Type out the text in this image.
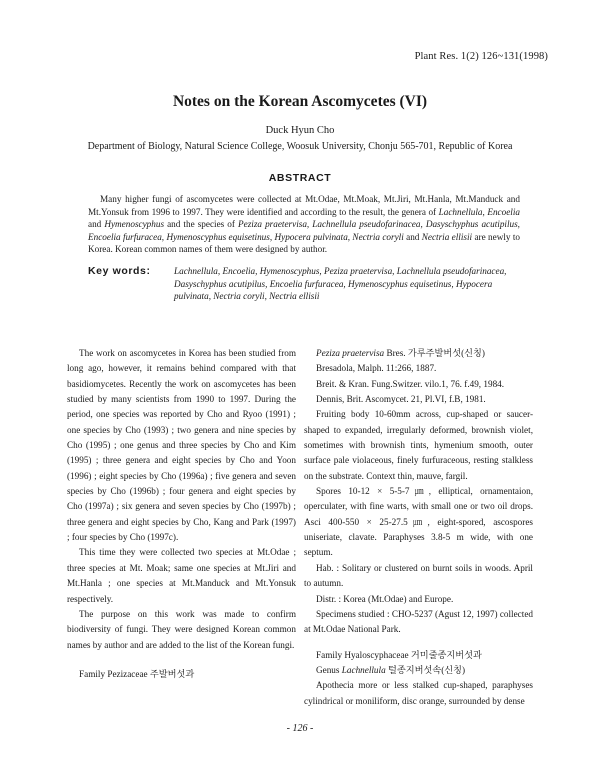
Plant Res. 1(2) 126~131(1998)
Notes on the Korean Ascomycetes (VI)
Duck Hyun Cho
Department of Biology, Natural Science College, Woosuk University, Chonju 565-701, Republic of Korea
ABSTRACT

Many higher fungi of ascomycetes were collected at Mt.Odae, Mt.Moak, Mt.Jiri, Mt.Hanla, Mt.Manduck and Mt.Yonsuk from 1996 to 1997. They were identified and according to the result, the genera of Lachnellula, Encoelia and Hymenoscyphus and the species of Peziza praetervisa, Lachnellula pseudofarinacea, Dasyschyphus acutipilus, Encoelia furfuracea, Hymenoscyphus equisetinus, Hypocera pulvinata, Nectria coryli and Nectria ellisii are newly to Korea. Korean common names of them were designed by author.

Key words:	Lachnellula, Encoelia, Hymenoscyphus, Peziza praetervisa, Lachnellula pseudofarinacea, Dasyschyphus acutipilus, Encoelia furfuracea, Hymenoscyphus equisetinus, Hypocera pulvinata, Nectria coryli, Nectria ellisii

The work on ascomycetes in Korea has been studied from long ago, however, it remains behind compared with that basidiomycetes. Recently the work on ascomycetes has been studied by many scientists from 1990 to 1997. During the period, one species was reported by Cho and Ryoo (1991) ; one species by Cho (1993) ; two genera and nine species by Cho (1995) ; one genus and three species by Cho and Kim (1995) ; three genera and eight species by Cho and Yoon (1996) ; eight species by Cho (1996a) ; five genera and seven species by Cho (1996b) ; four genera and eight species by Cho (1997a) ; six genera and seven species by Cho (1997b) ; three genera and eight species by Cho, Kang and Park (1997) ; four species by Cho (1997c).

This time they were collected two species at Mt.Odae ; three species at Mt. Moak; same one species at Mt.Jiri and Mt.Hanla ; one species at Mt.Manduck and Mt.Yonsuk respectively.

The purpose on this work was made to confirm biodiversity of fungi. They were designed Korean common names by author and are added to the list of the Korean fungi.

Family Pezizaceae 주발버섯과

Peziza praetervisa Bres. 가루주발버섯(신칭)

Bresadola, Malph. 11:266, 1887.

Breit. & Kran. Fung.Switzer. vilo.1, 76. f.49, 1984.

Dennis, Brit. Ascomycet. 21, Pl.VI, f.B, 1981.

Fruiting body 10-60mm across, cup-shaped or saucer-shaped to expanded, irregularly deformed, brownish violet, sometimes with brownish tints, hymenium smooth, outer surface pale violaceous, finely furfuraceous, resting stalkless on the substrate. Context thin, mauve, fargil.

Spores 10-12 × 5-5-7㎛, elliptical, ornamentaion, operculater, with fine warts, with small one or two oil drops. Asci 400-550 × 25-27.5㎛, eight-spored, ascospores uniseriate, clavate. Paraphyses 3.8-5 m wide, with one septum.

Hab. : Solitary or clustered on burnt soils in woods. April to autumn.

Distr. : Korea (Mt.Odae) and Europe.

Specimens studied : CHO-5237 (Agust 12, 1997) collected at Mt.Odae National Park.

Family Hyaloscyphaceae 거미줄종지버섯과

Genus Lachnellula 털종지버섯속(신칭)

Apothecia more or less stalked cup-shaped, paraphyses cylindrical or moniliform, disc orange, surrounded by dense

- 126 -
